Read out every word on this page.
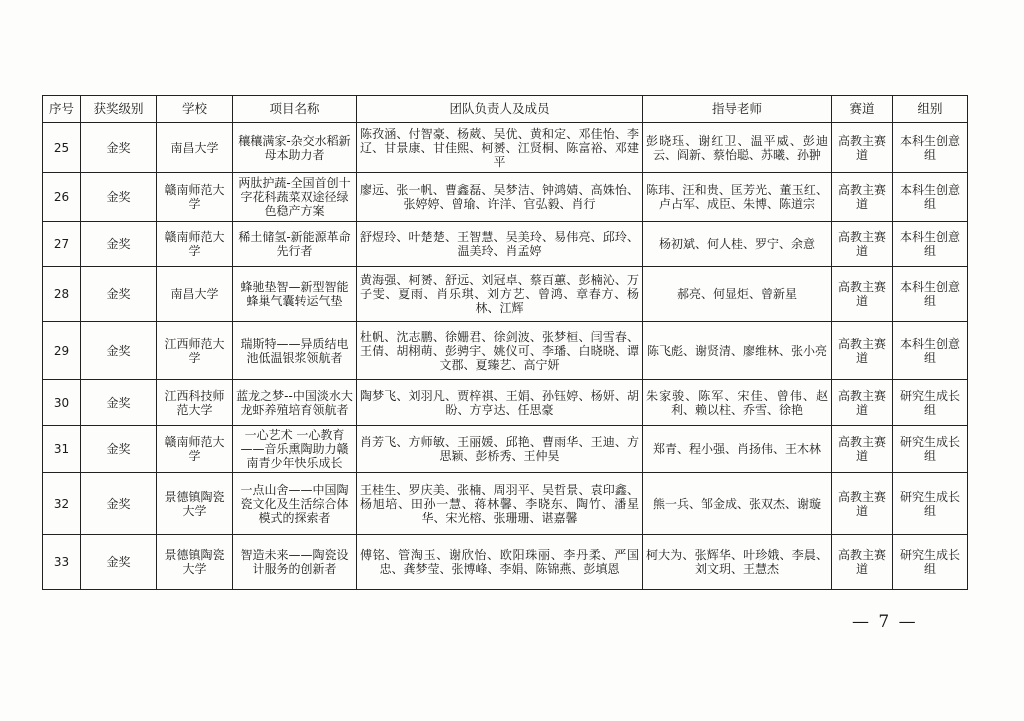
序号	获奖级别	学校	项目名称	团队负责人及成员	指导老师	赛道	组别
25	金奖	南昌大学	穰穰满家-杂交水稻新母本助力者	陈孜涵、付智豪、杨葳、吴优、黄和定、邓佳怡、李辽、甘景康、甘佳熙、柯赟、江贤桐、陈富裕、邓建平	彭晓珏、谢红卫、温平威、彭迪云、阎新、蔡怡聪、苏曦、孙翀	高教主赛道	本科生创意组
26	金奖	赣南师范大学	两肽护蔬-全国首创十字花科蔬菜双途径绿色稳产方案	廖远、张一帆、曹鑫磊、吴梦洁、钟鸿婧、高姝怡、张婷婷、曾瑜、许洋、官弘毅、肖行	陈玮、汪和贵、匡芳光、董玉红、卢占军、成臣、朱博、陈道宗	高教主赛道	本科生创意组
27	金奖	赣南师范大学	稀土储氢-新能源革命先行者	舒煜玲、叶楚楚、王智慧、吴美玲、易伟亮、邱玲、温美玲、肖孟婷	杨初斌、何人桂、罗宁、余意	高教主赛道	本科生创意组
28	金奖	南昌大学	蜂驰垫智—新型智能蜂巢气囊转运气垫	黄海强、柯赟、舒远、刘冠卓、蔡百蕙、彭楠沁、万子雯、夏雨、肖乐琪、刘方艺、曾鸿、章春方、杨林、江辉	郝亮、何显炬、曾新星	高教主赛道	本科生创意组
29	金奖	江西师范大学	瑞斯特——异质结电池低温银浆领航者	杜帆、沈志鹏、徐姗君、徐剑波、张梦桓、闫雪春、王倩、胡栩萌、彭骋宇、姚仪可、李璠、白晓晓、谭文郡、夏臻艺、高宁妍	陈飞彪、谢贤清、廖维林、张小亮	高教主赛道	本科生创意组
30	金奖	江西科技师范大学	蓝龙之梦--中国淡水大龙虾养殖培育领航者	陶梦飞、刘羽凡、贾梓祺、王娟、孙钰婷、杨妍、胡盼、方亨达、任思豪	朱家骏、陈军、宋佳、曾伟、赵利、赖以柱、乔雪、徐艳	高教主赛道	研究生成长组
31	金奖	赣南师范大学	一心艺术 一心教育——音乐熏陶助力赣南青少年快乐成长	肖芳飞、方师敏、王丽媛、邱艳、曹雨华、王迪、方思颖、彭桥秀、王仲昊	郑青、程小强、肖扬伟、王木林	高教主赛道	研究生成长组
32	金奖	景德镇陶瓷大学	一点山舍——中国陶瓷文化及生活综合体模式的探索者	王桂生、罗庆美、张楠、周羽平、吴哲景、袁印鑫、杨旭培、田孙一慧、蒋林馨、李晓东、陶竹、潘星华、宋光榕、张珊珊、谌嘉馨	熊一兵、邹金成、张双杰、谢璇	高教主赛道	研究生成长组
33	金奖	景德镇陶瓷大学	智造未来——陶瓷设计服务的创新者	傅铭、管淘玉、谢欣怡、欧阳珠丽、李丹柔、严国忠、龚梦莹、张博峰、李娟、陈锦燕、彭填恩	柯大为、张辉华、叶珍娥、李晨、刘文玥、王慧杰	高教主赛道	研究生成长组
— 7 —
